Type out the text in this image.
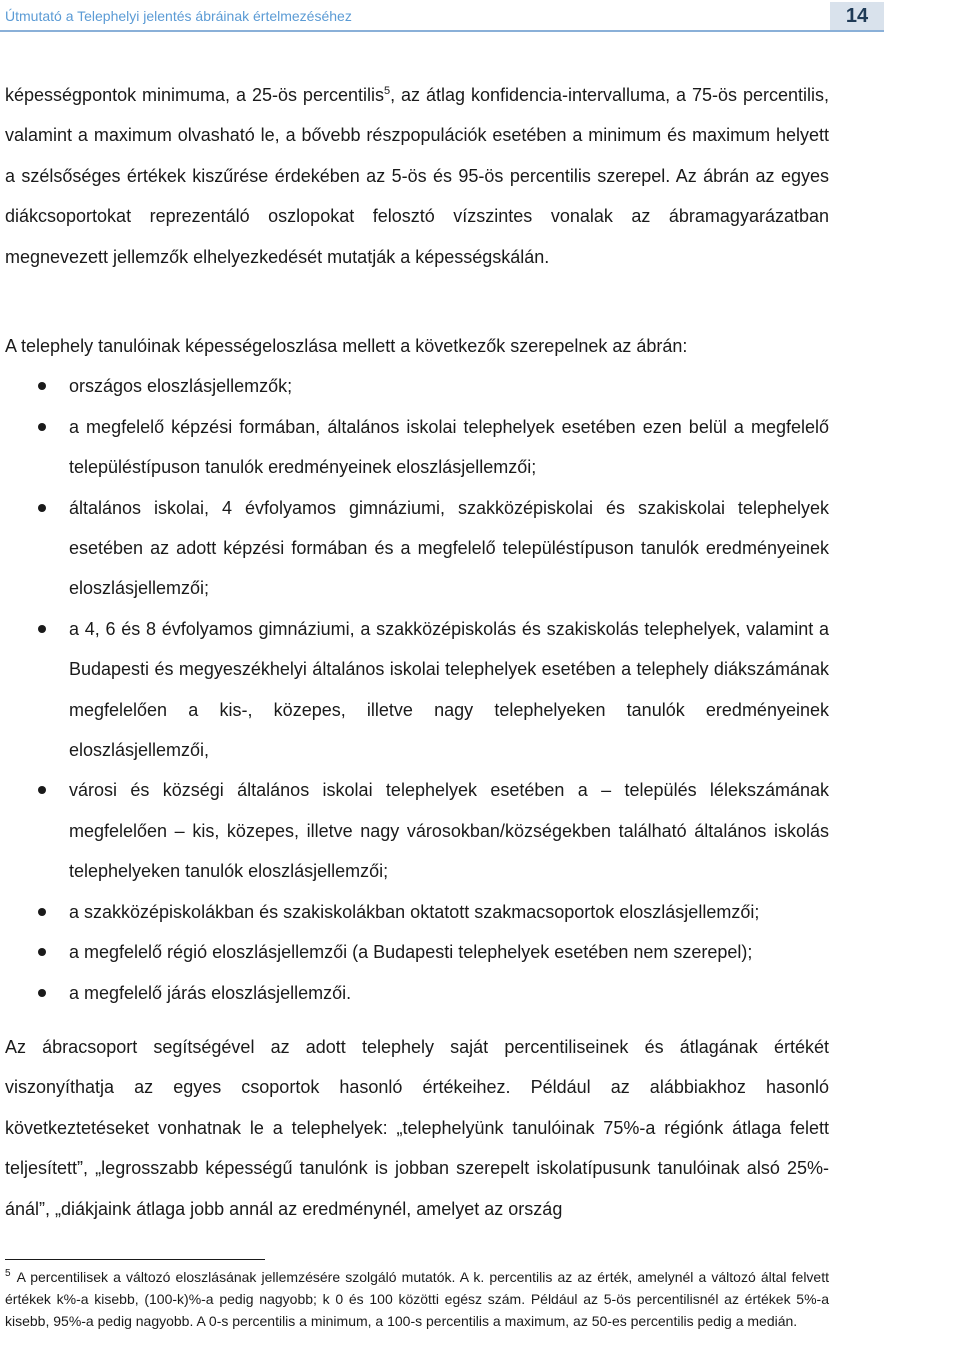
Útmutató a Telephelyi jelentés ábráinak értelmezéséhez	14

képességpontok minimuma, a 25-ös percentilis$^5$, az átlag konfidencia-intervalluma, a 75-ös percentilis, valamint a maximum olvasható le, a bővebb részpopulációk esetében a minimum és maximum helyett a szélsőséges értékek kiszűrése érdekében az 5-ös és 95-ös percentilis szerepel. Az ábrán az egyes diákcsoportokat reprezentáló oszlopokat felosztó vízszintes vonalak az ábramagyarázatban megnevezett jellemzők elhelyezkedését mutatják a képességskálán.

A telephely tanulóinak képességeloszlása mellett a következők szerepelnek az ábrán:

országos eloszlásjellemzők;
a megfelelő képzési formában, általános iskolai telephelyek esetében ezen belül a megfelelő településtípuson tanulók eredményeinek eloszlásjellemzői;
általános iskolai, 4 évfolyamos gimnáziumi, szakközépiskolai és szakiskolai telephelyek esetében az adott képzési formában és a megfelelő településtípuson tanulók eredményeinek eloszlásjellemzői;
a 4, 6 és 8 évfolyamos gimnáziumi, a szakközépiskolás és szakiskolás telephelyek, valamint a Budapesti és megyeszékhelyi általános iskolai telephelyek esetében a telephely diákszámának megfelelően a kis-, közepes, illetve nagy telephelyeken tanulók eredményeinek eloszlásjellemzői,
városi és községi általános iskolai telephelyek esetében a – település lélekszámának megfelelően – kis, közepes, illetve nagy városokban/községekben található általános iskolás telephelyeken tanulók eloszlásjellemzői;
a szakközépiskolákban és szakiskolákban oktatott szakmacsoportok eloszlásjellemzői;
a megfelelő régió eloszlásjellemzői (a Budapesti telephelyek esetében nem szerepel);
a megfelelő járás eloszlásjellemzői.

Az ábracsoport segítségével az adott telephely saját percentiliseinek és átlagának értékét viszonyíthatja az egyes csoportok hasonló értékeihez. Például az alábbiakhoz hasonló következtetéseket vonhatnak le a telephelyek: „telephelyünk tanulóinak 75%-a régiónk átlaga felett teljesített”, „legrosszabb képességű tanulónk is jobban szerepelt iskolatípusunk tanulóinak alsó 25%-ánál”, „diákjaink átlaga jobb annál az eredménynél, amelyet az ország

$^5$ A percentilisek a változó eloszlásának jellemzésére szolgáló mutatók. A k. percentilis az az érték, amelynél a változó által felvett értékek k%-a kisebb, (100-k)%-a pedig nagyobb; k 0 és 100 közötti egész szám. Például az 5-ös percentilisnél az értékek 5%-a kisebb, 95%-a pedig nagyobb. A 0-s percentilis a minimum, a 100-s percentilis a maximum, az 50-es percentilis pedig a medián.
